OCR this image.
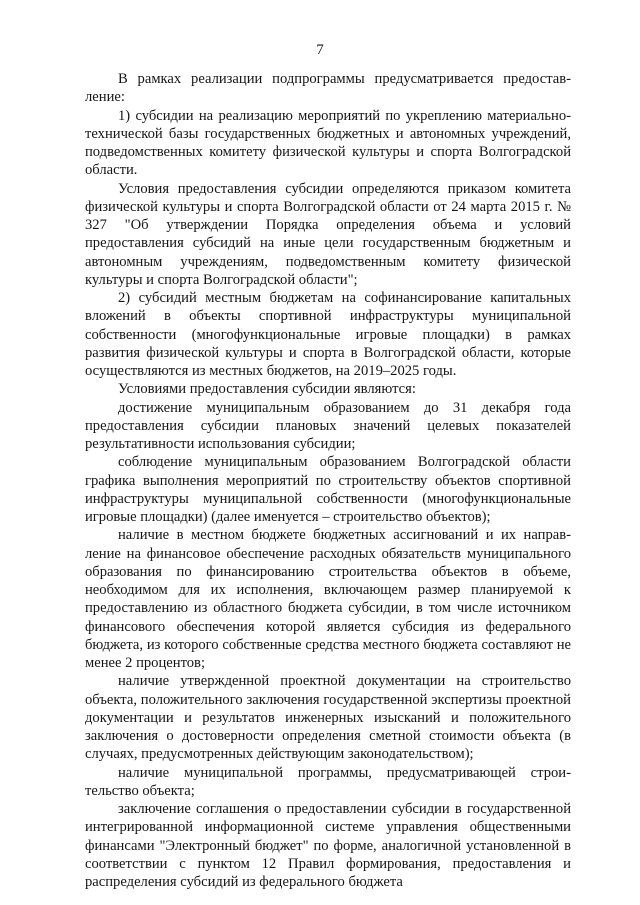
7

В рамках реализации подпрограммы предусматривается предоставление:

1) субсидии на реализацию мероприятий по укреплению материально-технической базы государственных бюджетных и автономных учреждений, подведомственных комитету физической культуры и спорта Волгоградской области.

Условия предоставления субсидии определяются приказом комитета физической культуры и спорта Волгоградской области от 24 марта 2015 г. № 327 "Об утверждении Порядка определения объема и условий предоставления субсидий на иные цели государственным бюджетным и автономным учреждениям, подведомственным комитету физической культуры и спорта Волгоградской области";

2) субсидий местным бюджетам на софинансирование капитальных вложений в объекты спортивной инфраструктуры муниципальной собственности (многофункциональные игровые площадки) в рамках развития физической культуры и спорта в Волгоградской области, которые осуществляются из местных бюджетов, на 2019–2025 годы.

Условиями предоставления субсидии являются:

достижение муниципальным образованием до 31 декабря года предоставления субсидии плановых значений целевых показателей результативности использования субсидии;

соблюдение муниципальным образованием Волгоградской области графика выполнения мероприятий по строительству объектов спортивной инфраструктуры муниципальной собственности (многофункциональные игровые площадки) (далее именуется – строительство объектов);

наличие в местном бюджете бюджетных ассигнований и их направление на финансовое обеспечение расходных обязательств муниципального образования по финансированию строительства объектов в объеме, необходимом для их исполнения, включающем размер планируемой к предоставлению из областного бюджета субсидии, в том числе источником финансового обеспечения которой является субсидия из федерального бюджета, из которого собственные средства местного бюджета составляют не менее 2 процентов;

наличие утвержденной проектной документации на строительство объекта, положительного заключения государственной экспертизы проектной документации и результатов инженерных изысканий и положительного заключения о достоверности определения сметной стоимости объекта (в случаях, предусмотренных действующим законодательством);

наличие муниципальной программы, предусматривающей строительство объекта;

заключение соглашения о предоставлении субсидии в государственной интегрированной информационной системе управления общественными финансами "Электронный бюджет" по форме, аналогичной установленной в соответствии с пунктом 12 Правил формирования, предоставления и распределения субсидий из федерального бюджета
